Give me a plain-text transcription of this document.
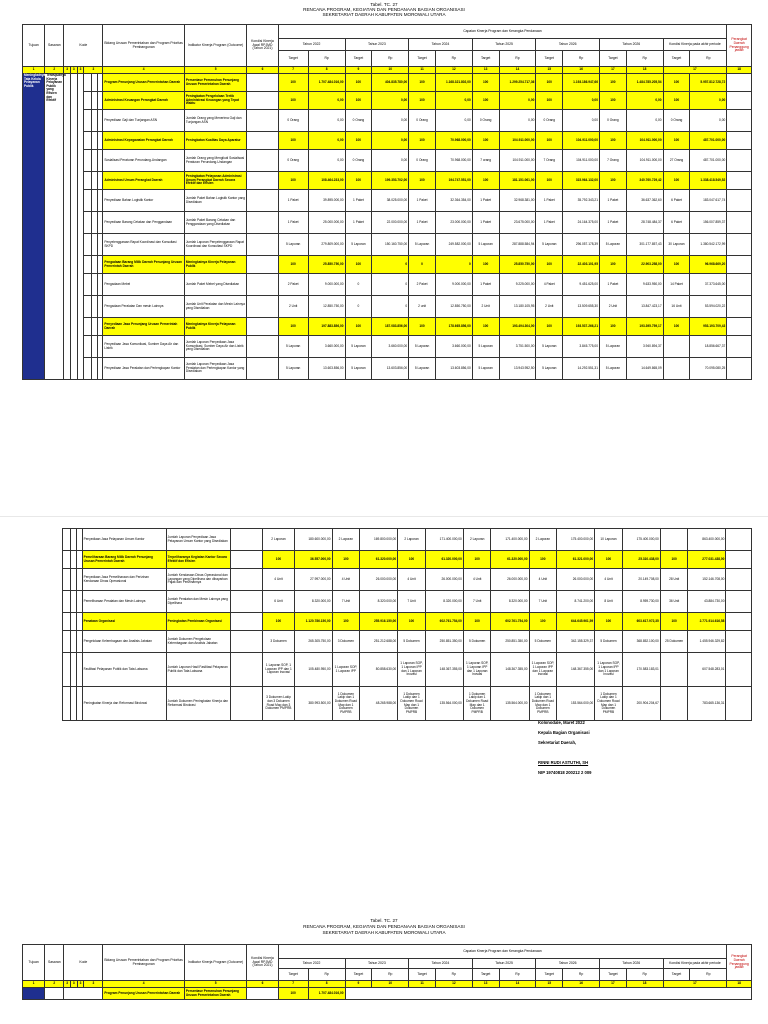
Tabel. TC. 27
RENCANA PROGRAM, KEGIATAN DAN PENDANAAN BAGIAN ORGANISASI
SEKRETARIAT DAERAH KABUPATEN MOROWALI UTARA
Tujuan	Sasaran	Kode						Bidang Urusan Pemerintahan dan Program Prioritas Pembangunan	Indikator Kinerja Program (Outcome)	Kondisi Kinerja Awal RPJMD (Tahun 2021)	Capaian Kinerja Program dan Kerangka Pendanaan														Perangkat Daerah Penanggung jawab
											Tahun 2022		Tahun 2023		Tahun 2024		Tahun 2025		Tahun 2026		Tahun 2026		Kondisi Kinerja pada akhir periode		
											Target	Rp	Target	Rp	Target	Rp	Target	Rp	Target	Rp	Target	Rp	Target	Rp	
1	2	3	3	3	3			4	5	6	7	8	9	10	11	12	13	14	15	16	17	18	17		18
Meningkatnya Tata Kelola Pelayanan Publik	Terwujudnya Kinerja Pelayanan Publik yang Efisien dan Efektif							Program Penunjang Urusan Pemerintahan Daerah	Persentase Pemenuhan Penunjang Urusan Pemerintahan Daerah		100	1.707.484.016,00	100	404.835.780,00	100	1.168.321.802,00	100	1.299.254.717,36	100	1.193.186.947,66	100	1.484.785.205,54	100	5.957.812.728,72	
								Administrasi Keuangan Perangkat Daerah	Peningkatan Pengelolaan Tertib Administrasi Keuangan yang Tepat Waktu		100	0,00	100	0,00	100	0,00	100	0,00	100	0,00	100	0,00	100	0,00	
								Penyediaan Gaji dan Tunjangan ASN	Jumlah Orang yang Menerima Gaji dan Tunjangan ASN		0 Orang	0,00	0 Orang	0,00	0 Orang	0,00	0 Orang	0,00	0 Orang	0,00	0 Orang	0,00	0 Orang	0,00	
								Administrasi Kepegawaian Perangkat Daerah	Peningkatan Kualitas Daya Aparatur		100	0,00	100	0,00	100	70.968.000,00	100	104.911.000,00	100	104.911.000,00	100	104.911.000,00	100	487.701.000,00	
								Sosialisasi Peraturan Perundang-Undangan	Jumlah Orang yang Mengikuti Sosialisasi Peraturan Perundang-Undangan		0 Orang	0,00	0 Orang	0,00	0 Orang	70.968.000,00	7 orang	104.911.000,00	7 Orang	104.911.000,00	7 Orang	104.911.000,00	27 Orang	487.701.000,00	
								Administrasi Umum Perangkat Daerah	Peningkatan Pelayanan Administrasi Umum Perangkat Daerah Secara Efektif dan Efisien		100	108.464.233,00	100	199.353.702,00	100	194.747.551,00	100	181.151.061,00	100	315.964.132,00	100	340.760.729,42	100	1.338.418.549,52	
								Penyediaan Bahan Logistik Kantor	Jumlah Paket Bahan Logistik Kantor yang Disediakan		1 Paket	39.895.000,00	1 Paket	38.025.000,00	1 Paket	32.364.354,00	1 Paket	32.968.381,00	1 Paket	35.792.343,21	1 Paket	36.637.362,60	6 Paket	183.047.617,74	
								Penyediaan Barang Cetakan dan Penggandaan	Jumlah Paket Barang Cetakan dan Penggandaan yang Disediakan		1 Paket	25.000.000,00	1 Paket	22.000.000,00	1 Paket	23.000.000,00	1 Paket	23.675.000,00	1 Paket	24.164.375,00	1 Paket	28.748.484,37	6 Paket	156.007.859,37	
								Penyelenggaraan Rapat Koordinasi dan Konsultasi SKPD	Jumlah Laporan Penyelenggaraan Rapat Koordinasi dan Konsultasi SKPD		5 Laporan	279.809.000,00	5 Laporan	150.160.750,00	5 Laporan	249.582.000,00	5 Laporan	287.888.584,94	5 Laporan	296.057.178,39	5 Laporan	301.177.857,43	30 Laporan	1.380.542.172,99	
								Pengadaan Barang Milik Daerah Penunjang Urusan Pemerintah Daerah	Meningkatnya Kinerja Pelayanan Publik		100	25.850.750,00	100	0	0	0	100	25.850.750,00	100	22.403.101,95	100	22.903.258,00	100	96.968.669,20	
								Pengadaan Mebel	Jumlah Paket Mebel yang Disediakan		2 Paket	9.000.000,00	0	0	2 Paket	9.000.000,00	1 Paket	9.225.000,00	4 Paket	9.451.625,00	1 Paket	9.633.950,00	14 Paket	37.373.645,00	
								Pengadaan Peralatan Dan mesin Lainnya	Jumlah Unit Peralatan dan Mesin Lainnya yang Disediakan		2 Unit	12.850.750,00	0	0	2 unit	12.850.750,00	2 Unit	13.180.105,95	2 Unit	13.509.655,30	2 Unit	13.847.423,17	16 Unit	53.594.020,22	
								Penyediaan Jasa Penunjang Urusan Pemerintah Daerah	Meningkatnya Kinerja Pelayanan Publik		100	197.883.856,00	100	187.083.856,00	100	178.665.856,00	100	193.494.304,00	100	193.537.266,21	100	193.395.759,17	100	953.193.709,43	
								Penyediaan Jasa Komunikasi, Sumber Daya Air dan Listrik	Jumlah Laporan Penyediaan Jasa Komunikasi, Sumber Daya Air dan Listrik yang Disediakan		5 Laporan	3.660.000,00	5 Laporan	3.660.000,00	5 Laporan	3.660.000,00	5 Laporan	3.751.500,00	5 Laporan	3.845.775,00	5 Laporan	3.940.894,37		18.856.667,37	
								Penyediaan Jasa Peralatan dan Perlengkapan Kantor	Jumlah Laporan Penyediaan Jasa Peralatan dan Perlengkapan Kantor yang Disediakan		5 Laporan	13.603.856,00	5 Laporan	13.603.856,00	5 Laporan	13.603.856,00	5 Laporan	13.943.952,50	5 Laporan	14.292.551,31	5 Laporan	14.649.865,09		70.095.080,25	
			Penyediaan Jasa Pelayanan Umum Kantor	Jumlah Laporan Penyediaan Jasa Pelayanan Umum Kantor yang Disediakan		2 Laporan	180.600.000,00	2 Laporan	169.800.000,00	2 Laporan	171.400.000,00	2 Laporan	171.400.000,00	2 Laporan	175.400.000,00	10 Laporan	175.400.000,00		863.400.000,00	
			Pemeliharaan Barang Milik Daerah Penunjang Urusan Pemerintah Daerah	Terpeliharanya Kegiatan Kantor Secara Efektif dan Efisien		100	36.557.000,00	100	61.320.000,00	100	61.320.000,00	100	61.320.000,00	100	61.321.000,00	100	25.310.438,00	100	277.031.438,00	
			Penyediaan Jasa Pemeliharaan dan Perizinan Kendaraan Dinas Operasional	Jumlah Kendaraan Dinas Operasional dan Lapangan yang Dipelihara dan dibayarkan Pajak dan Perizinannya		4 Unit	27.997.000,00	4 Unit	26.000.000,00	4 Unit	26.000.000,00	4 Unit	26.000.000,00	4 Unit	26.000.000,00	4 Unit	20.149.708,00	28 Unit	152.146.708,00	
			Pemeliharaan Peralatan dan Mesin Lainnya	Jumlah Peralatan dan Mesin Lainnya yang Dipelihara		6 Unit	8.320.000,00	7 Unit	8.320.000,00	7 Unit	8.320.000,00	7 Unit	8.320.000,00	7 Unit	8.741.200,00	8 Unit	8.959.730,00	36 Unit	43.884.730,00	
			Penataan Organisasi	Peningkatan Pembinaan Organisasi		100	1.120.786.150,00	100	255.916.150,00	100	602.761.754,00	100	602.761.754,00	100	644.645.961,59	100	603.617.972,35	100	2.771.914.616,58	
			Pengelolaan Kelembagaan dan Analisis Jabatan	Jumlah Dokumen Pengelolaan Kelembagaan dan Analisis Jabatan		3 Dokumen	265.305.750,00	3 Dokumen	251.212.688,00	5 Dokumen	250.851.350,00	5 Dokumen	250.851.350,00	5 Dokumen	342.155.329,37	5 Dokumen	368.852.100,00	25 Dokumen	1.455.946.329,82	
			Fasilitasi Pelayanan Publik dan Tata Laksana	Jumlah Laporan Hasil Fasilitasi Pelayanan Publik dan Tata Laksana		1 Laporan SOP, 1 Laporan IPP dan 1 Laporan Inovasi	105.480.950,00	1 Laporan SOP, 1 Laporan IPP	80.858.630,00	1 Laporan SOP, 1 Laporan IPP dan 1 Laporan Inovasi	148.367.355,00	1 Laporan SOP, 1 Laporan IPP dan 1 Laporan Inovasi	148.367.355,00	1 Laporan SOP, 1 Laporan IPP dan 1 Laporan Inovasi	148.367.355,00	1 Laporan SOP, 1 Laporan IPP dan 1 Laporan Inovasi	170.583.183,01		607.548.283,01	
			Peningkatan Kinerja dan Reformasi Birokrasi	Jumlah Dokumen Peningkatan Kinerja dan Reformasi Birokrasi		3 Dokumen Lakip dan 3 Dokumen Road Map dan 3 Dokumen PMPRB	380.993.500,00	1 Dokumen Lakip dan 1 Dokumen Road Map dan 1 Dokumen PMPRB	48.265.988,00	1 Dokumen Lakip dan 1 Dokumen Road Map dan 1 Dokumen PMPRB	135.564.000,00	1 Dokumen Lakip dan 1 Dokumen Road Map dan 1 Dokumen PMPRB	135.564.000,00	1 Dokumen Lakip dan 1 Dokumen Road Map dan 1 Dokumen PMPRB	153.564.000,00	1 Dokumen Lakip dan 1 Dokumen Road Map dan 1 Dokumen PMPRB	200.904.204,67		783.665.136,31	
Kolonodale, Maret 2022
Kepala Bagian Organisasi
Sekretariat Daerah,
RINNI RUDI ASTUTHI, SH
NIP 19740818 200212 2 009
Tabel. TC. 27
RENCANA PROGRAM, KEGIATAN DAN PENDANAAN BAGIAN ORGANISASI
SEKRETARIAT DAERAH KABUPATEN MOROWALI UTARA
Tujuan	Sasaran	Kode				Bidang Urusan Pemerintahan dan Program Prioritas Pembangunan	Indikator Kinerja Program (Outcome)	Kondisi Kinerja Awal RPJMD (Tahun 2021)	Capaian Kinerja Program dan Kerangka Pendanaan														Perangkat Daerah Penanggung jawab
									Tahun 2022		Tahun 2023		Tahun 2024		Tahun 2025		Tahun 2026		Tahun 2026		Kondisi Kinerja pada akhir periode		
									Target	Rp	Target	Rp	Target	Rp	Target	Rp	Target	Rp	Target	Rp	Target	Rp	
1	2	3	3	3	3	4	5	6	7	8	9	10	11	12	13	14	15	16	17	18	17		18
						Program Penunjang Urusan Pemerintahan Daerah	Persentase Pemenuhan Penunjang Urusan Pemerintahan Daerah		100	1.707.484.016,00													
